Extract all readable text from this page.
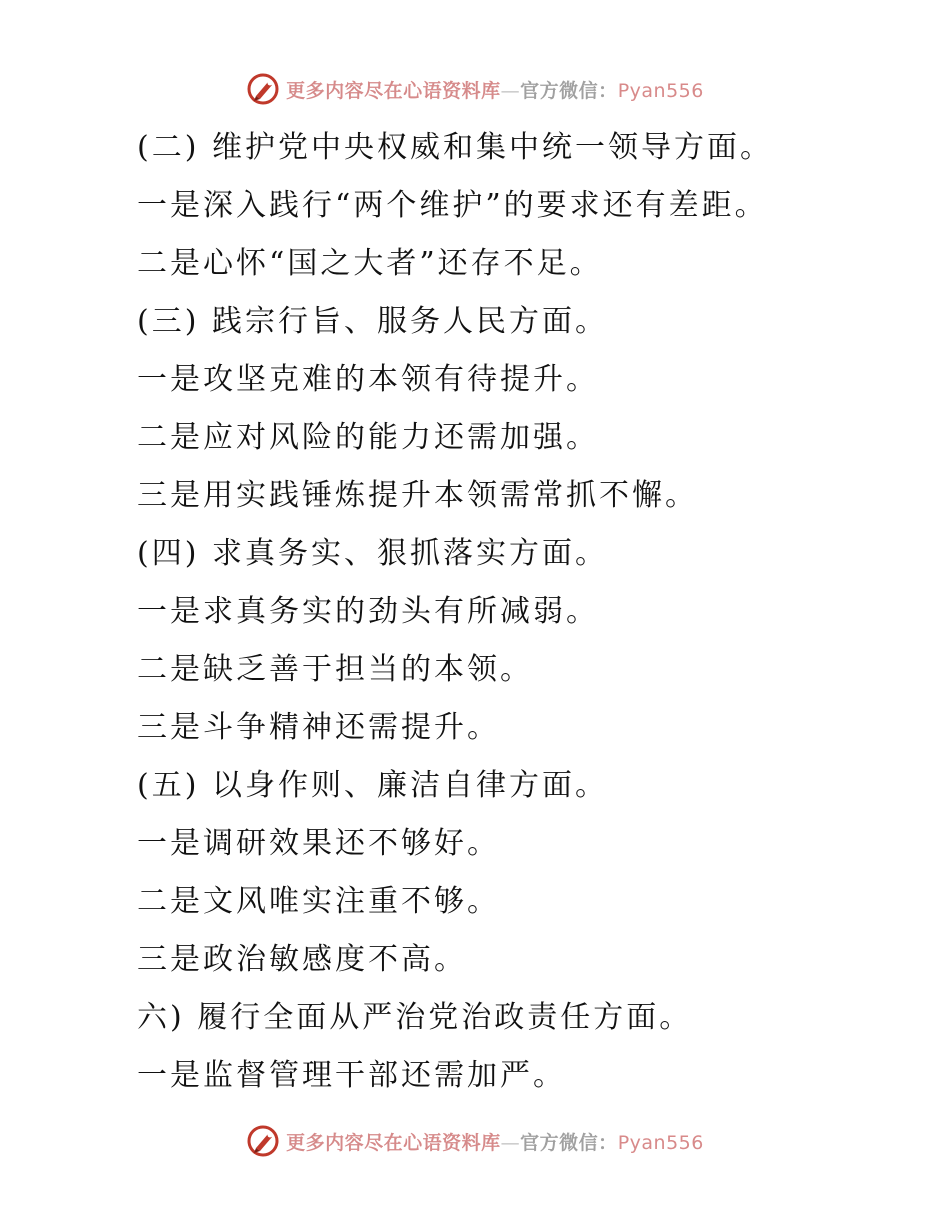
更多内容尽在心语资料库—官方微信：Pyan556
(二) 维护党中央权威和集中统一领导方面。
一是深入践行“两个维护”的要求还有差距。
二是心怀“国之大者”还存不足。
(三) 践宗行旨、服务人民方面。
一是攻坚克难的本领有待提升。
二是应对风险的能力还需加强。
三是用实践锤炼提升本领需常抓不懈。
(四) 求真务实、狠抓落实方面。
一是求真务实的劲头有所减弱。
二是缺乏善于担当的本领。
三是斗争精神还需提升。
(五) 以身作则、廉洁自律方面。
一是调研效果还不够好。
二是文风唯实注重不够。
三是政治敏感度不高。
六) 履行全面从严治党治政责任方面。
一是监督管理干部还需加严。
更多内容尽在心语资料库—官方微信：Pyan556
